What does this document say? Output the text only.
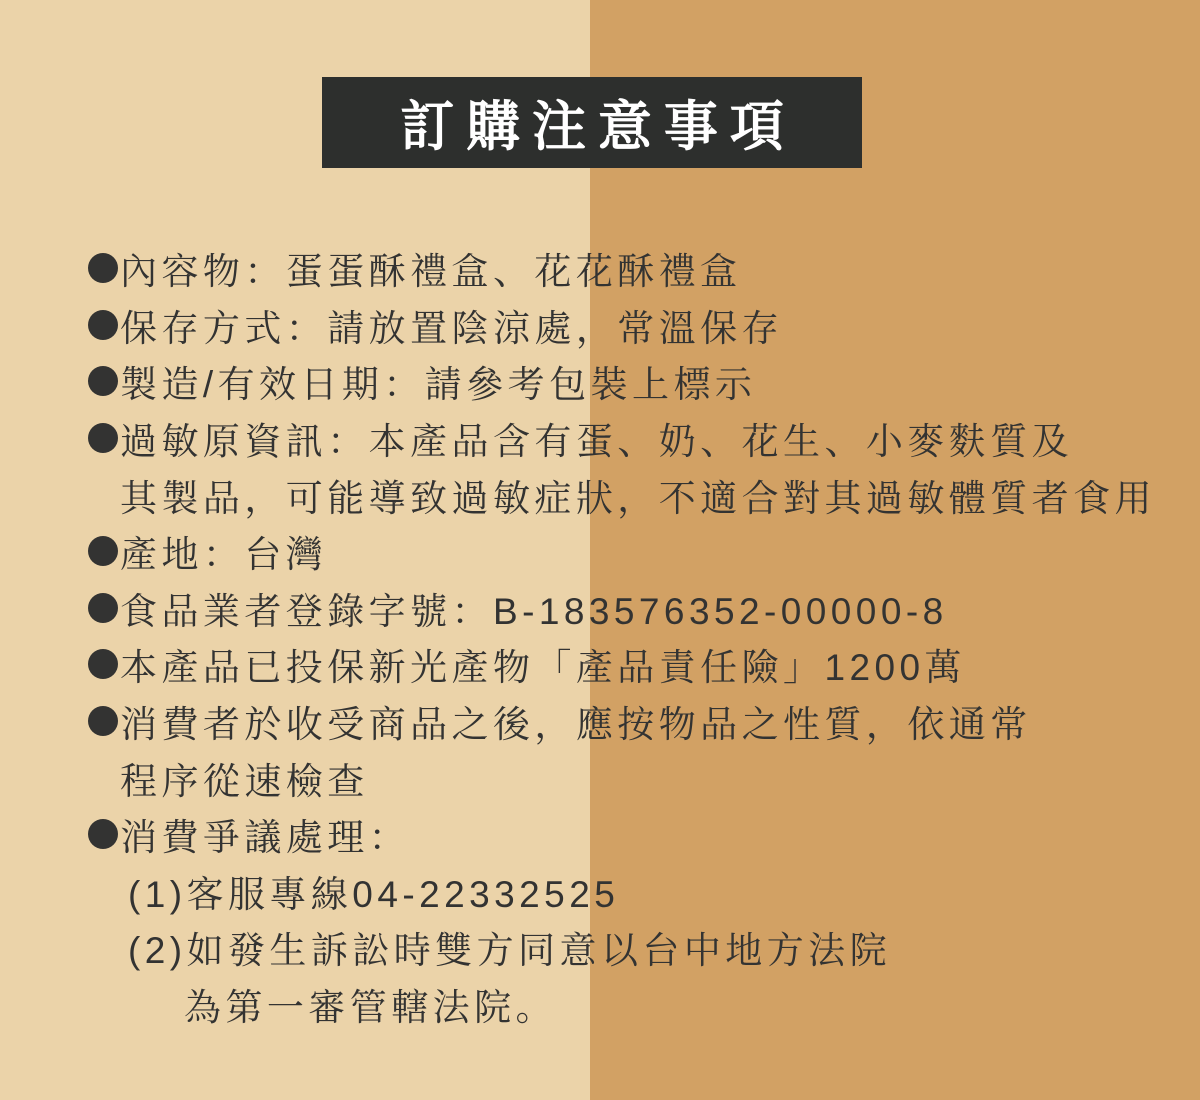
訂購注意事項
內容物：蛋蛋酥禮盒、花花酥禮盒
保存方式：請放置陰涼處，常溫保存
製造/有效日期：請參考包裝上標示
過敏原資訊：本產品含有蛋、奶、花生、小麥麩質及
其製品，可能導致過敏症狀，不適合對其過敏體質者食用
產地：台灣
食品業者登錄字號：B-183576352-00000-8
本產品已投保新光產物「產品責任險」1200萬
消費者於收受商品之後，應按物品之性質，依通常
程序從速檢查
消費爭議處理：
(1)客服專線04-22332525
(2)如發生訴訟時雙方同意以台中地方法院
為第一審管轄法院。
